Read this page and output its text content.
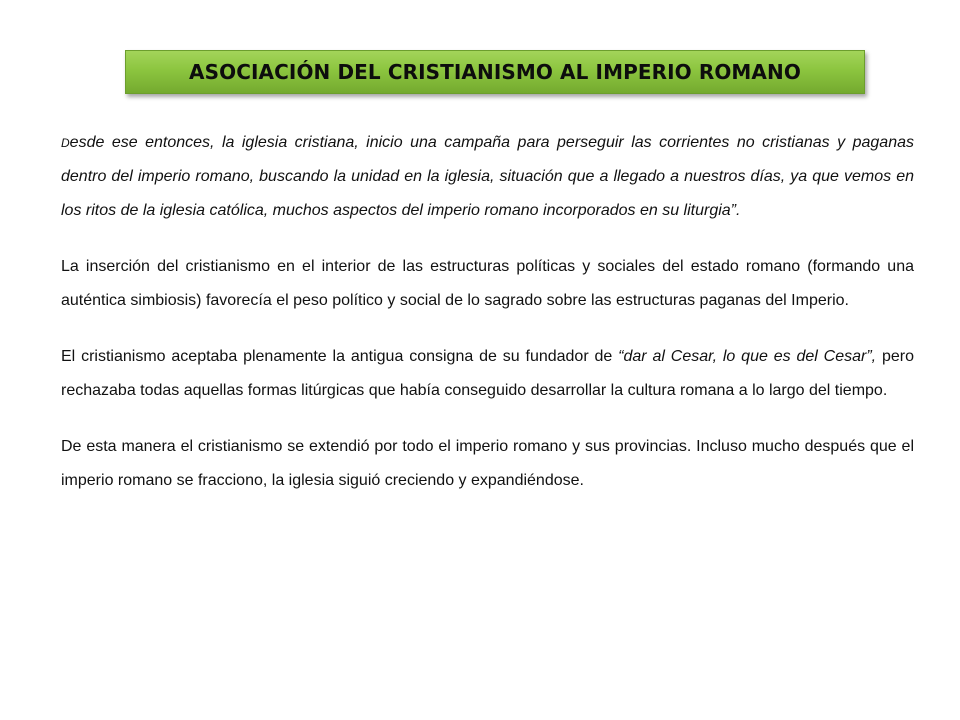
ASOCIACIÓN DEL CRISTIANISMO AL IMPERIO ROMANO

Desde ese entonces, la iglesia cristiana, inicio una campaña para perseguir las corrientes no cristianas y paganas dentro del imperio romano, buscando la unidad en la iglesia, situación que a llegado a nuestros días, ya que vemos en los ritos de la iglesia católica, muchos aspectos del imperio romano incorporados en su liturgia”.

La inserción del cristianismo en el interior de las estructuras políticas y sociales del estado romano (formando una auténtica simbiosis) favorecía el peso político y social de lo sagrado sobre las estructuras paganas del Imperio.

El cristianismo aceptaba plenamente la antigua consigna de su fundador de “dar al Cesar, lo que es del Cesar”, pero rechazaba todas aquellas formas litúrgicas que había conseguido desarrollar la cultura romana a lo largo del tiempo.

De esta manera el cristianismo se extendió por todo el imperio romano y sus provincias. Incluso mucho después que el imperio romano se fracciono, la iglesia siguió creciendo y expandiéndose.
